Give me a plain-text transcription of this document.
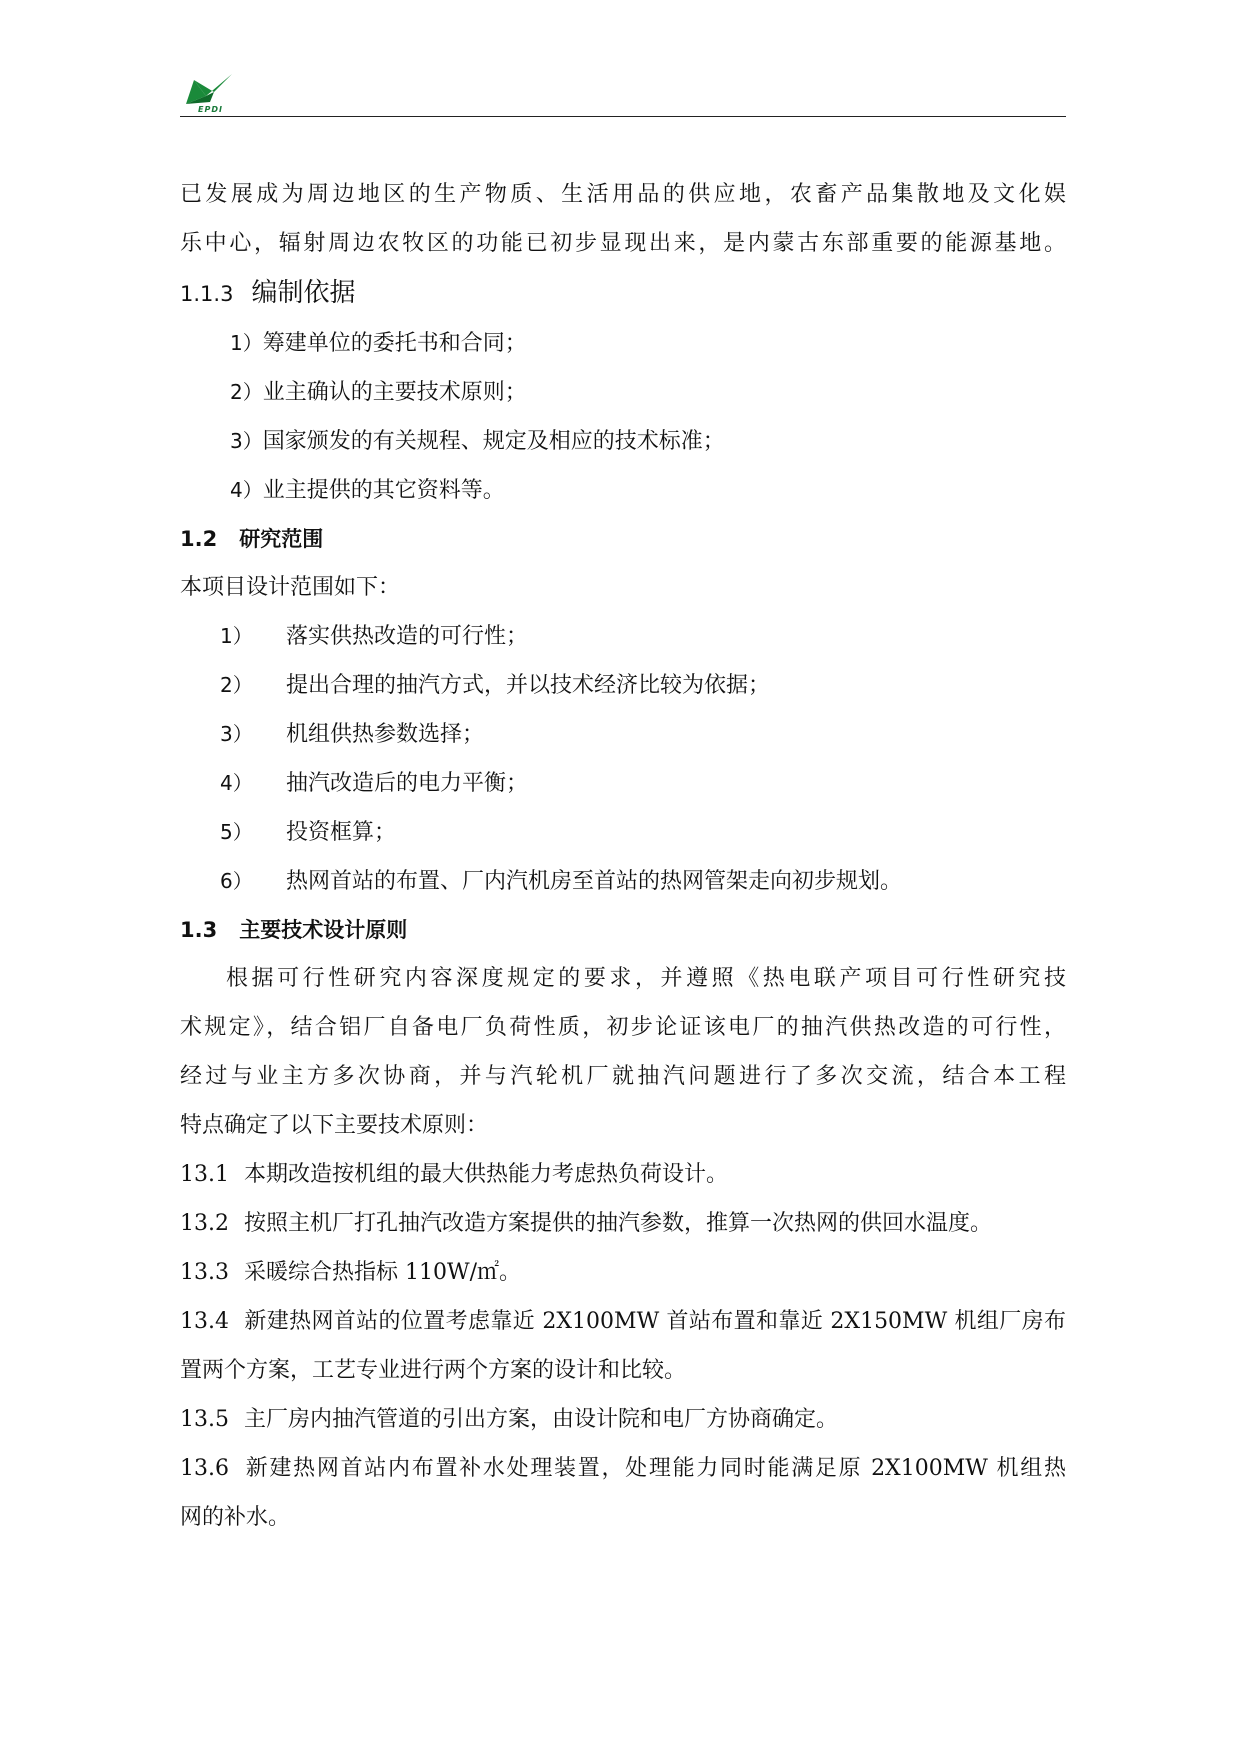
EPDI
已发展成为周边地区的生产物质、生活用品的供应地，农畜产品集散地及文化娱
乐中心，辐射周边农牧区的功能已初步显现出来，是内蒙古东部重要的能源基地。
1.1.3 编制依据
1）筹建单位的委托书和合同；
2）业主确认的主要技术原则；
3）国家颁发的有关规程、规定及相应的技术标准；
4）业主提供的其它资料等。
1.2 研究范围
本项目设计范围如下：
1） 落实供热改造的可行性；
2） 提出合理的抽汽方式，并以技术经济比较为依据；
3） 机组供热参数选择；
4） 抽汽改造后的电力平衡；
5） 投资框算；
6） 热网首站的布置、厂内汽机房至首站的热网管架走向初步规划。
1.3 主要技术设计原则
根据可行性研究内容深度规定的要求，并遵照《热电联产项目可行性研究技
术规定》，结合铝厂自备电厂负荷性质，初步论证该电厂的抽汽供热改造的可行性，
经过与业主方多次协商，并与汽轮机厂就抽汽问题进行了多次交流，结合本工程
特点确定了以下主要技术原则：
13.1 本期改造按机组的最大供热能力考虑热负荷设计。
13.2 按照主机厂打孔抽汽改造方案提供的抽汽参数，推算一次热网的供回水温度。
13.3 采暖综合热指标 110W/㎡。
13.4 新建热网首站的位置考虑靠近 2X100MW 首站布置和靠近 2X150MW 机组厂房布
置两个方案，工艺专业进行两个方案的设计和比较。
13.5 主厂房内抽汽管道的引出方案，由设计院和电厂方协商确定。
13.6 新建热网首站内布置补水处理装置，处理能力同时能满足原 2X100MW 机组热
网的补水。
